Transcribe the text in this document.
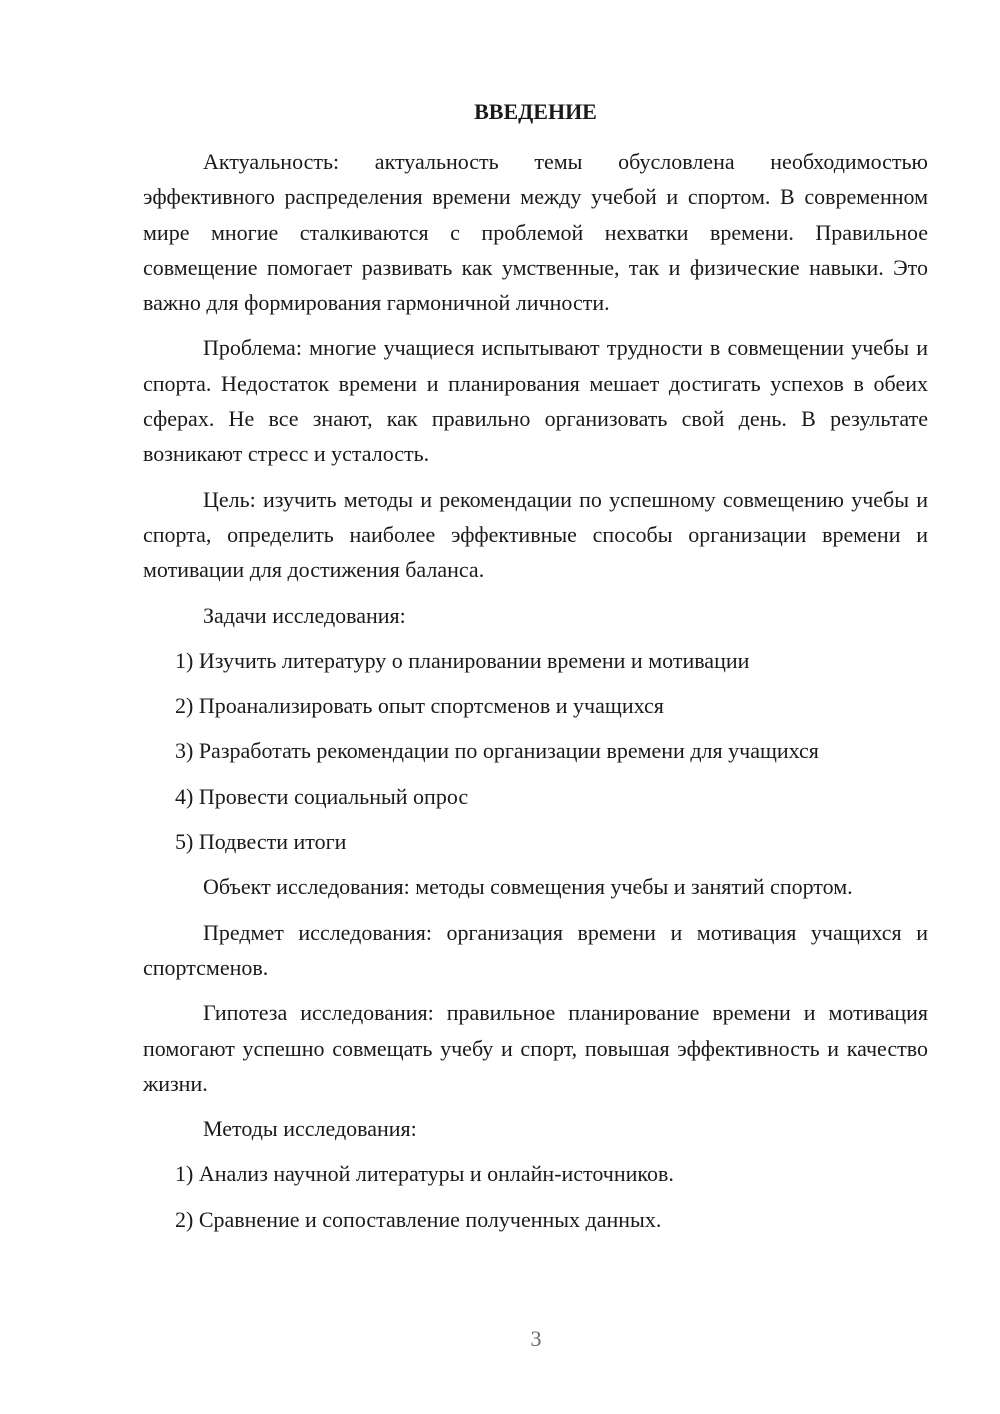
ВВЕДЕНИЕ

Актуальность: актуальность темы обусловлена необходимостью эффективного распределения времени между учебой и спортом. В современном мире многие сталкиваются с проблемой нехватки времени. Правильное совмещение помогает развивать как умственные, так и физические навыки. Это важно для формирования гармоничной личности.

Проблема: многие учащиеся испытывают трудности в совмещении учебы и спорта. Недостаток времени и планирования мешает достигать успехов в обеих сферах. Не все знают, как правильно организовать свой день. В результате возникают стресс и усталость.

Цель: изучить методы и рекомендации по успешному совмещению учебы и спорта, определить наиболее эффективные способы организации времени и мотивации для достижения баланса.

Задачи исследования:

1) Изучить литературу о планировании времени и мотивации
2) Проанализировать опыт спортсменов и учащихся
3) Разработать рекомендации по организации времени для учащихся
4) Провести социальный опрос
5) Подвести итоги

Объект исследования: методы совмещения учебы и занятий спортом.

Предмет исследования: организация времени и мотивация учащихся и спортсменов.

Гипотеза исследования: правильное планирование времени и мотивация помогают успешно совмещать учебу и спорт, повышая эффективность и качество жизни.

Методы исследования:

1) Анализ научной литературы и онлайн-источников.
2) Сравнение и сопоставление полученных данных.
3
